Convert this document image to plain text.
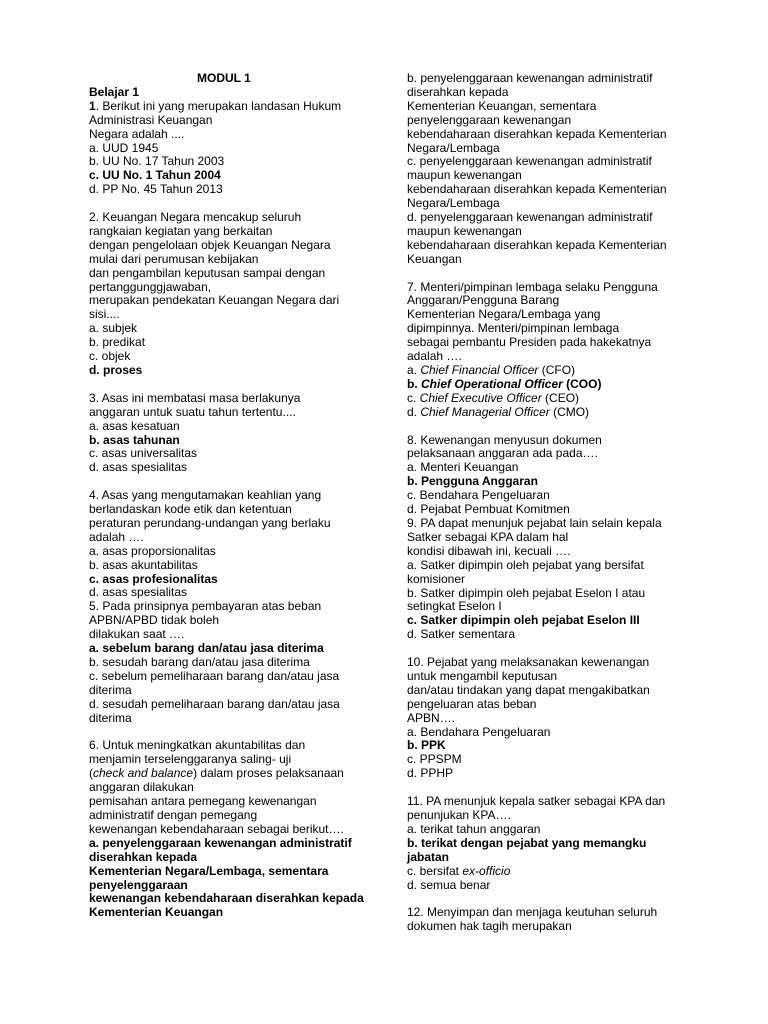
MODUL 1
Belajar 1
1. Berikut ini yang merupakan landasan Hukum
Administrasi Keuangan
Negara adalah ....
a. UUD 1945
b. UU No. 17 Tahun 2003
c. UU No. 1 Tahun 2004
d. PP No. 45 Tahun 2013
2. Keuangan Negara mencakup seluruh
rangkaian kegiatan yang berkaitan
dengan pengelolaan objek Keuangan Negara
mulai dari perumusan kebijakan
dan pengambilan keputusan sampai dengan
pertanggunggjawaban,
merupakan pendekatan Keuangan Negara dari
sisi....
a. subjek
b. predikat
c. objek
d. proses
3. Asas ini membatasi masa berlakunya
anggaran untuk suatu tahun tertentu....
a. asas kesatuan
b. asas tahunan
c. asas universalitas
d. asas spesialitas
4. Asas yang mengutamakan keahlian yang
berlandaskan kode etik dan ketentuan
peraturan perundang-undangan yang berlaku
adalah ….
a. asas proporsionalitas
b. asas akuntabilitas
c. asas profesionalitas
d. asas spesialitas
5. Pada prinsipnya pembayaran atas beban
APBN/APBD tidak boleh
dilakukan saat ….
a. sebelum barang dan/atau jasa diterima
b. sesudah barang dan/atau jasa diterima
c. sebelum pemeliharaan barang dan/atau jasa
diterima
d. sesudah pemeliharaan barang dan/atau jasa
diterima
6. Untuk meningkatkan akuntabilitas dan
menjamin terselenggaranya saling- uji
(check and balance) dalam proses pelaksanaan
anggaran dilakukan
pemisahan antara pemegang kewenangan
administratif dengan pemegang
kewenangan kebendaharaan sebagai berikut….
a. penyelenggaraan kewenangan administratif
diserahkan kepada
Kementerian Negara/Lembaga, sementara
penyelenggaraan
kewenangan kebendaharaan diserahkan kepada
Kementerian Keuangan
b. penyelenggaraan kewenangan administratif
diserahkan kepada
Kementerian Keuangan, sementara
penyelenggaraan kewenangan
kebendaharaan diserahkan kepada Kementerian
Negara/Lembaga
c. penyelenggaraan kewenangan administratif
maupun kewenangan
kebendaharaan diserahkan kepada Kementerian
Negara/Lembaga
d. penyelenggaraan kewenangan administratif
maupun kewenangan
kebendaharaan diserahkan kepada Kementerian
Keuangan
7. Menteri/pimpinan lembaga selaku Pengguna
Anggaran/Pengguna Barang
Kementerian Negara/Lembaga yang
dipimpinnya. Menteri/pimpinan lembaga
sebagai pembantu Presiden pada hakekatnya
adalah ….
a. Chief Financial Officer (CFO)
b. Chief Operational Officer (COO)
c. Chief Executive Officer (CEO)
d. Chief Managerial Officer (CMO)
8. Kewenangan menyusun dokumen
pelaksanaan anggaran ada pada….
a. Menteri Keuangan
b. Pengguna Anggaran
c. Bendahara Pengeluaran
d. Pejabat Pembuat Komitmen
9. PA dapat menunjuk pejabat lain selain kepala
Satker sebagai KPA dalam hal
kondisi dibawah ini, kecuali ….
a. Satker dipimpin oleh pejabat yang bersifat
komisioner
b. Satker dipimpin oleh pejabat Eselon I atau
setingkat Eselon I
c. Satker dipimpin oleh pejabat Eselon III
d. Satker sementara
10. Pejabat yang melaksanakan kewenangan
untuk mengambil keputusan
dan/atau tindakan yang dapat mengakibatkan
pengeluaran atas beban
APBN….
a. Bendahara Pengeluaran
b. PPK
c. PPSPM
d. PPHP
11. PA menunjuk kepala satker sebagai KPA dan
penunjukan KPA….
a. terikat tahun anggaran
b. terikat dengan pejabat yang memangku
jabatan
c. bersifat ex-officio
d. semua benar
12. Menyimpan dan menjaga keutuhan seluruh
dokumen hak tagih merupakan
